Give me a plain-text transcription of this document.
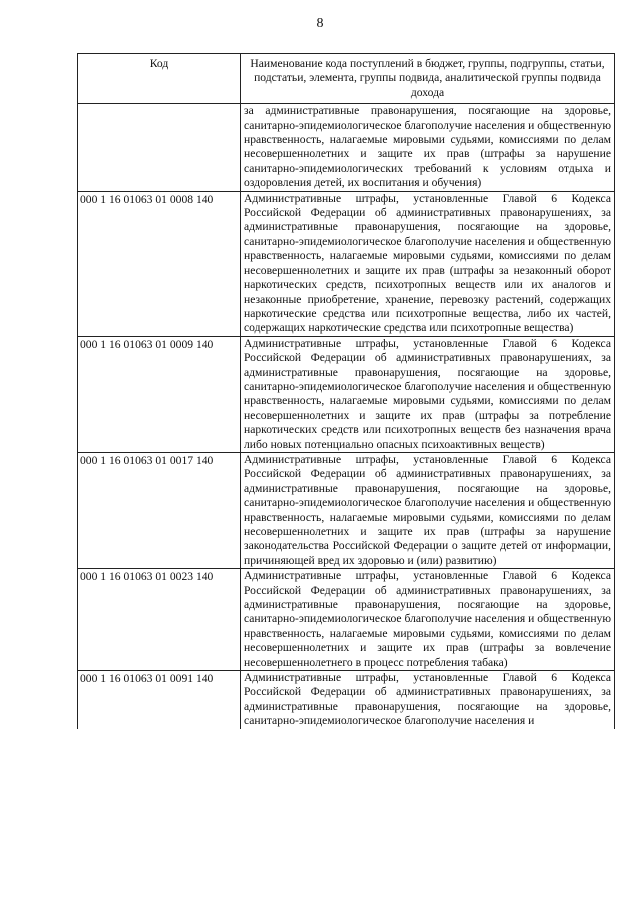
8
Код	Наименование кода поступлений в бюджет, группы, подгруппы, статьи, подстатьи, элемента, группы подвида, аналитической группы подвида дохода
	за административные правонарушения, посягающие на здоровье, санитарно-эпидемиологическое благополучие населения и общественную нравственность, налагаемые мировыми судьями, комиссиями по делам несовершеннолетних и защите их прав (штрафы за нарушение санитарно-эпидемиологических требований к условиям отдыха и оздоровления детей, их воспитания и обучения)
000 1 16 01063 01 0008 140	Административные штрафы, установленные Главой 6 Кодекса Российской Федерации об административных правонарушениях, за административные правонарушения, посягающие на здоровье, санитарно-эпидемиологическое благополучие населения и общественную нравственность, налагаемые мировыми судьями, комиссиями по делам несовершеннолетних и защите их прав (штрафы за незаконный оборот наркотических средств, психотропных веществ или их аналогов и незаконные приобретение, хранение, перевозку растений, содержащих наркотические средства или психотропные вещества, либо их частей, содержащих наркотические средства или психотропные вещества)
000 1 16 01063 01 0009 140	Административные штрафы, установленные Главой 6 Кодекса Российской Федерации об административных правонарушениях, за административные правонарушения, посягающие на здоровье, санитарно-эпидемиологическое благополучие населения и общественную нравственность, налагаемые мировыми судьями, комиссиями по делам несовершеннолетних и защите их прав (штрафы за потребление наркотических средств или психотропных веществ без назначения врача либо новых потенциально опасных психоактивных веществ)
000 1 16 01063 01 0017 140	Административные штрафы, установленные Главой 6 Кодекса Российской Федерации об административных правонарушениях, за административные правонарушения, посягающие на здоровье, санитарно-эпидемиологическое благополучие населения и общественную нравственность, налагаемые мировыми судьями, комиссиями по делам несовершеннолетних и защите их прав (штрафы за нарушение законодательства Российской Федерации о защите детей от информации, причиняющей вред их здоровью и (или) развитию)
000 1 16 01063 01 0023 140	Административные штрафы, установленные Главой 6 Кодекса Российской Федерации об административных правонарушениях, за административные правонарушения, посягающие на здоровье, санитарно-эпидемиологическое благополучие населения и общественную нравственность, налагаемые мировыми судьями, комиссиями по делам несовершеннолетних и защите их прав (штрафы за вовлечение несовершеннолетнего в процесс потребления табака)
000 1 16 01063 01 0091 140	Административные штрафы, установленные Главой 6 Кодекса Российской Федерации об административных правонарушениях, за административные правонарушения, посягающие на здоровье, санитарно-эпидемиологическое благополучие населения и
